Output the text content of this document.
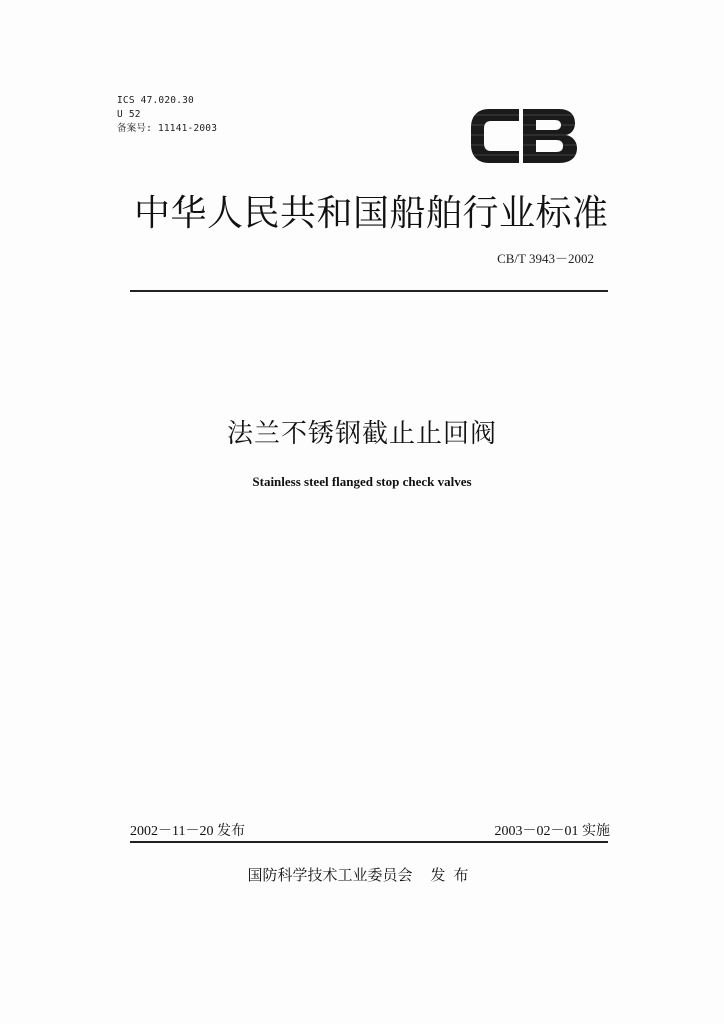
ICS 47.020.30
U 52
备案号: 11141-2003
中华人民共和国船舶行业标准
CB/T 3943－2002
法兰不锈钢截止止回阀
Stainless steel flanged stop check valves
2002－11－20 发布	2003－02－01 实施
国防科学技术工业委员会 发布
